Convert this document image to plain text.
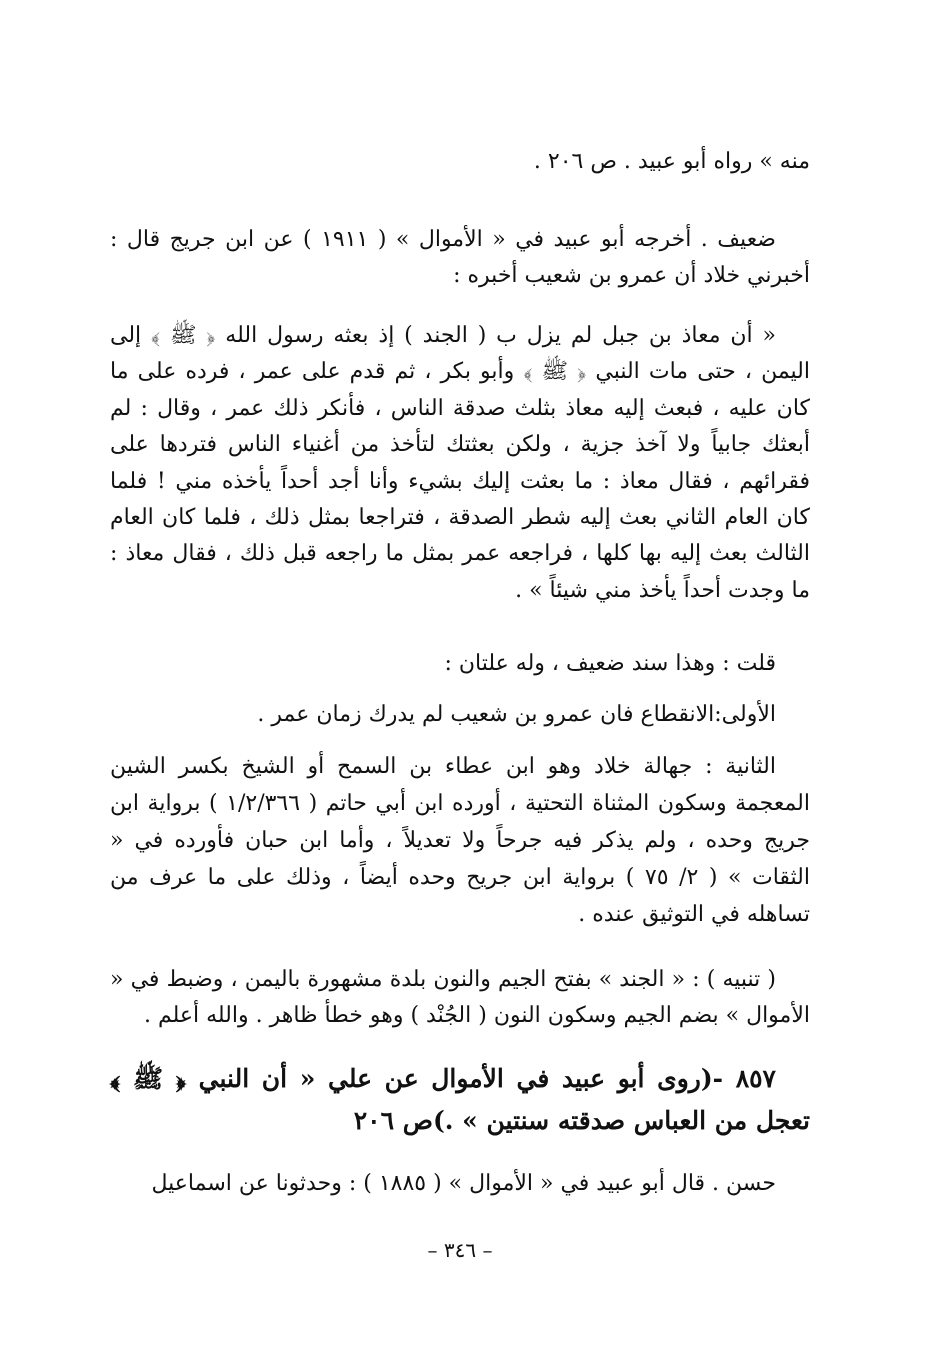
منه » رواه أبو عبيد . ص ٢٠٦ .
ضعيف . أخرجه أبو عبيد في « الأموال » ( ١٩١١ ) عن ابن جريج قال : أخبرني خلاد أن عمرو بن شعيب أخبره :
« أن معاذ بن جبل لم يزل ب ( الجند ) إذ بعثه رسول الله ﴿ ﷺ ﴾ إلى اليمن ، حتى مات النبي ﴿ ﷺ ﴾ وأبو بكر ، ثم قدم على عمر ، فرده على ما كان عليه ، فبعث إليه معاذ بثلث صدقة الناس ، فأنكر ذلك عمر ، وقال : لم أبعثك جابياً ولا آخذ جزية ، ولكن بعثتك لتأخذ من أغنياء الناس فتردها على فقرائهم ، فقال معاذ : ما بعثت إليك بشيء وأنا أجد أحداً يأخذه مني ! فلما كان العام الثاني بعث إليه شطر الصدقة ، فتراجعا بمثل ذلك ، فلما كان العام الثالث بعث إليه بها كلها ، فراجعه عمر بمثل ما راجعه قبل ذلك ، فقال معاذ : ما وجدت أحداً يأخذ مني شيئاً » .
قلت : وهذا سند ضعيف ، وله علتان :
الأولى:الانقطاع فان عمرو بن شعيب لم يدرك زمان عمر .
الثانية : جهالة خلاد وهو ابن عطاء بن السمح أو الشيخ بكسر الشين المعجمة وسكون المثناة التحتية ، أورده ابن أبي حاتم ( ١/٢/٣٦٦ ) برواية ابن جريج وحده ، ولم يذكر فيه جرحاً ولا تعديلاً ، وأما ابن حبان فأورده في « الثقات » ( ٢/ ٧٥ ) برواية ابن جريح وحده أيضاً ، وذلك على ما عرف من تساهله في التوثيق عنده .
( تنبيه ) : « الجند » بفتح الجيم والنون بلدة مشهورة باليمن ، وضبط في « الأموال » بضم الجيم وسكون النون ( الجُنْد ) وهو خطأ ظاهر . والله أعلم .
٨٥٧ -(روى أبو عبيد في الأموال عن علي « أن النبي ﴿ ﷺ ﴾ تعجل من العباس صدقته سنتين » .)ص ٢٠٦
حسن . قال أبو عبيد في « الأموال » ( ١٨٨٥ ) : وحدثونا عن اسماعيل
– ٣٤٦ –
